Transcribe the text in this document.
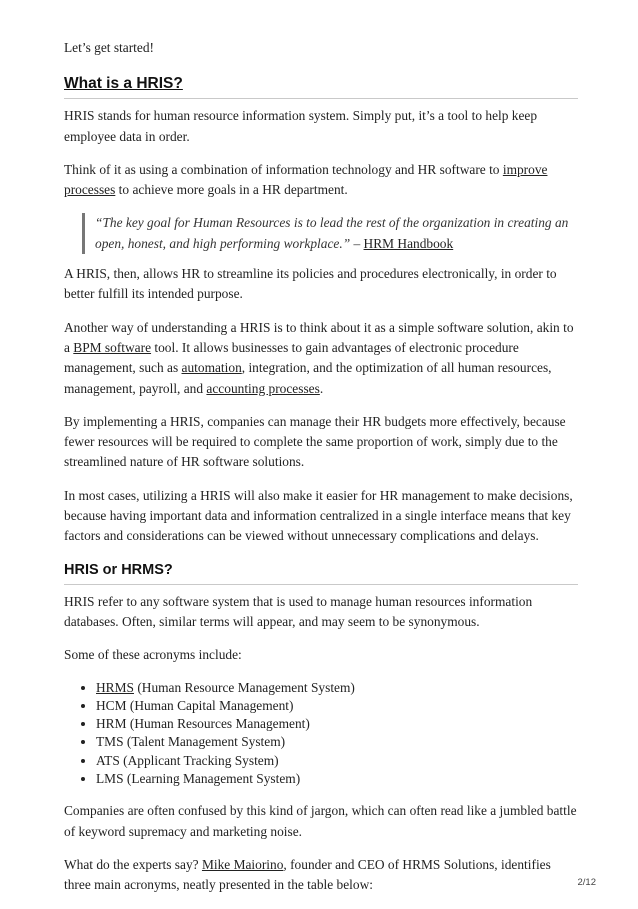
Let’s get started!

What is a HRIS?

HRIS stands for human resource information system. Simply put, it’s a tool to help keep employee data in order.

Think of it as using a combination of information technology and HR software to improve processes to achieve more goals in a HR department.

“The key goal for Human Resources is to lead the rest of the organization in creating an open, honest, and high performing workplace.” – HRM Handbook

A HRIS, then, allows HR to streamline its policies and procedures electronically, in order to better fulfill its intended purpose.

Another way of understanding a HRIS is to think about it as a simple software solution, akin to a BPM software tool. It allows businesses to gain advantages of electronic procedure management, such as automation, integration, and the optimization of all human resources, management, payroll, and accounting processes.

By implementing a HRIS, companies can manage their HR budgets more effectively, because fewer resources will be required to complete the same proportion of work, simply due to the streamlined nature of HR software solutions.

In most cases, utilizing a HRIS will also make it easier for HR management to make decisions, because having important data and information centralized in a single interface means that key factors and considerations can be viewed without unnecessary complications and delays.

HRIS or HRMS?

HRIS refer to any software system that is used to manage human resources information databases. Often, similar terms will appear, and may seem to be synonymous.

Some of these acronyms include:

• HRMS (Human Resource Management System)
• HCM (Human Capital Management)
• HRM (Human Resources Management)
• TMS (Talent Management System)
• ATS (Applicant Tracking System)
• LMS (Learning Management System)

Companies are often confused by this kind of jargon, which can often read like a jumbled battle of keyword supremacy and marketing noise.

What do the experts say? Mike Maiorino, founder and CEO of HRMS Solutions, identifies three main acronyms, neatly presented in the table below:	2/12
